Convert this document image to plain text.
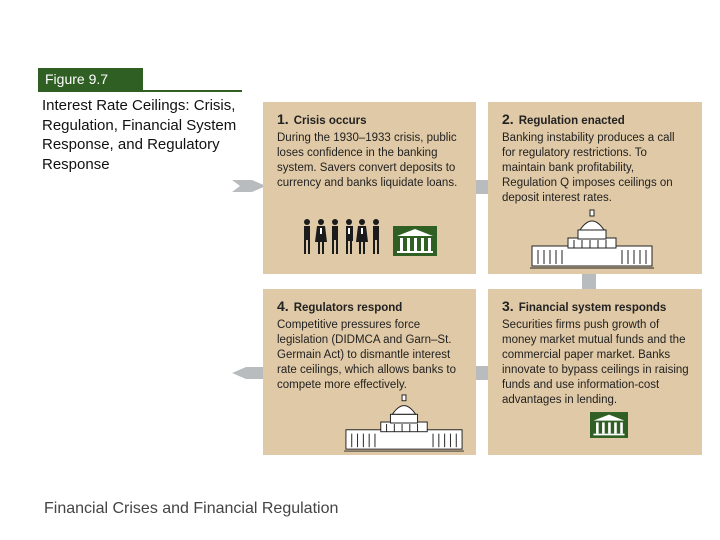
Figure 9.7
Interest Rate Ceilings: Crisis, Regulation, Financial System Response, and Regulatory Response
1. Crisis occurs
During the 1930–1933 crisis, public loses confidence in the banking system. Savers convert deposits to currency and banks liquidate loans.
2. Regulation enacted
Banking instability produces a call for regulatory restrictions. To maintain bank profitability, Regulation Q imposes ceilings on deposit interest rates.
3. Financial system responds
Securities firms push growth of money market mutual funds and the commercial paper market. Banks innovate to bypass ceilings in raising funds and use information-cost advantages in lending.
4. Regulators respond
Competitive pressures force legislation (DIDMCA and Garn–St. Germain Act) to dismantle interest rate ceilings, which allows banks to compete more effectively.
Financial Crises and Financial Regulation
